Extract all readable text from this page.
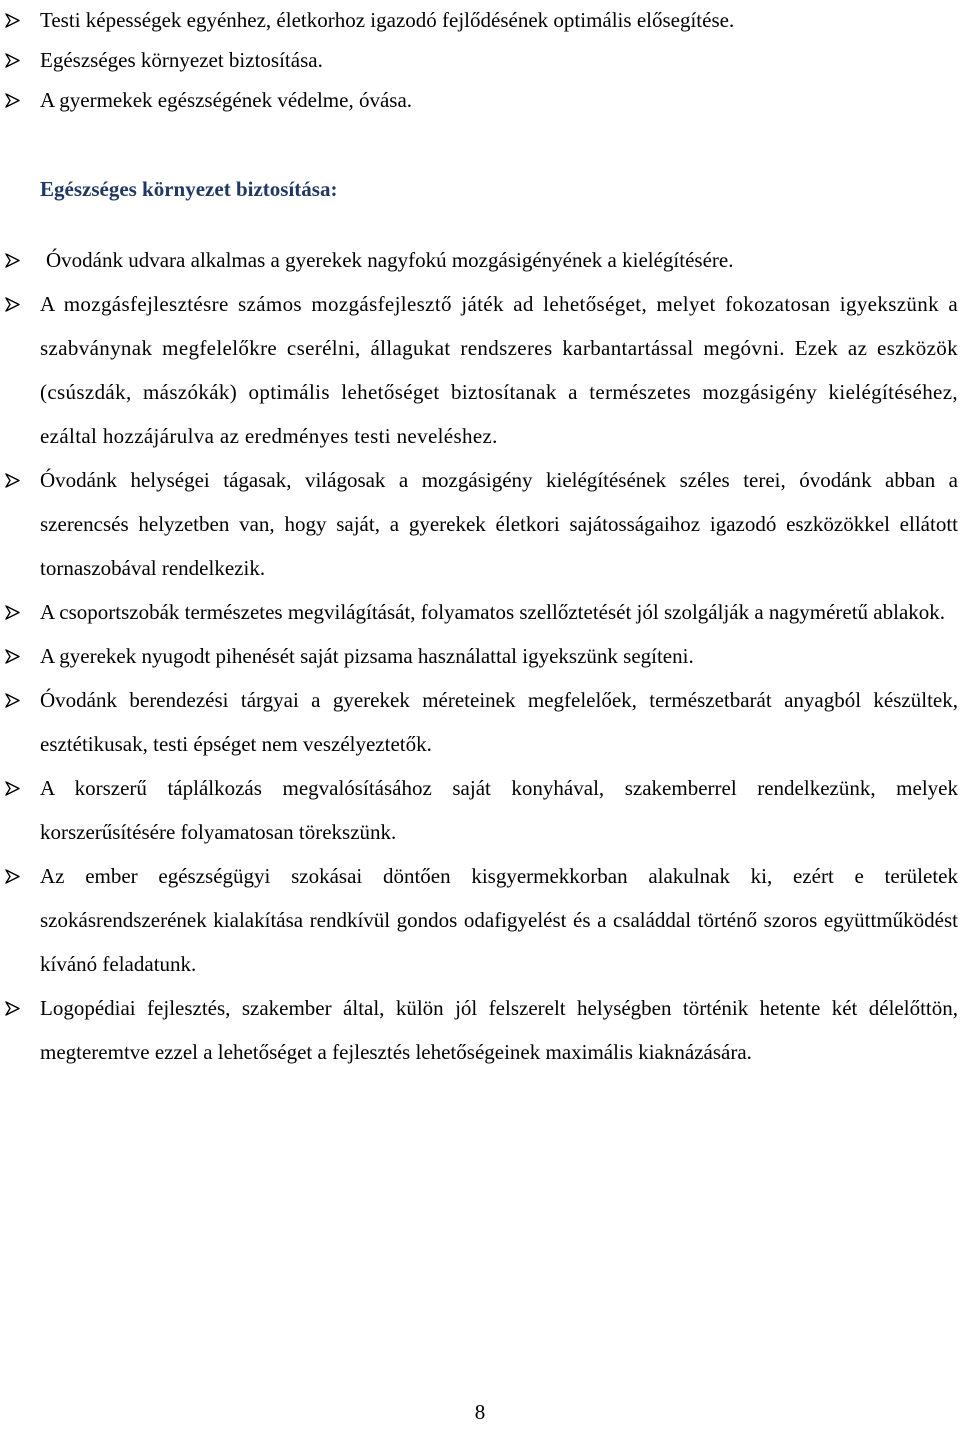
Testi képességek egyénhez, életkorhoz igazodó fejlődésének optimális elősegítése.
Egészséges környezet biztosítása.
A gyermekek egészségének védelme, óvása.
Egészséges környezet biztosítása:
Óvodánk udvara alkalmas a gyerekek nagyfokú mozgásigényének a kielégítésére.
A mozgásfejlesztésre számos mozgásfejlesztő játék ad lehetőséget, melyet fokozatosan igyekszünk a szabványnak megfelelőkre cserélni, állagukat rendszeres karbantartással megóvni. Ezek az eszközök (csúszdák, mászókák) optimális lehetőséget biztosítanak a természetes mozgásigény kielégítéséhez, ezáltal hozzájárulva az eredményes testi neveléshez.
Óvodánk helységei tágasak, világosak a mozgásigény kielégítésének széles terei, óvodánk abban a szerencsés helyzetben van, hogy saját, a gyerekek életkori sajátosságaihoz igazodó eszközökkel ellátott tornaszobával rendelkezik.
A csoportszobák természetes megvilágítását, folyamatos szellőztetését jól szolgálják a nagyméretű ablakok.
A gyerekek nyugodt pihenését saját pizsama használattal igyekszünk segíteni.
Óvodánk berendezési tárgyai a gyerekek méreteinek megfelelőek, természetbarát anyagból készültek, esztétikusak, testi épséget nem veszélyeztetők.
A korszerű táplálkozás megvalósításához saját konyhával, szakemberrel rendelkezünk, melyek korszerűsítésére folyamatosan törekszünk.
Az ember egészségügyi szokásai döntően kisgyermekkorban alakulnak ki, ezért e területek szokásrendszerének kialakítása rendkívül gondos odafigyelést és a családdal történő szoros együttműködést kívánó feladatunk.
Logopédiai fejlesztés, szakember által, külön jól felszerelt helységben történik hetente két délelőttön, megteremtve ezzel a lehetőséget a fejlesztés lehetőségeinek maximális kiaknázására.
8
